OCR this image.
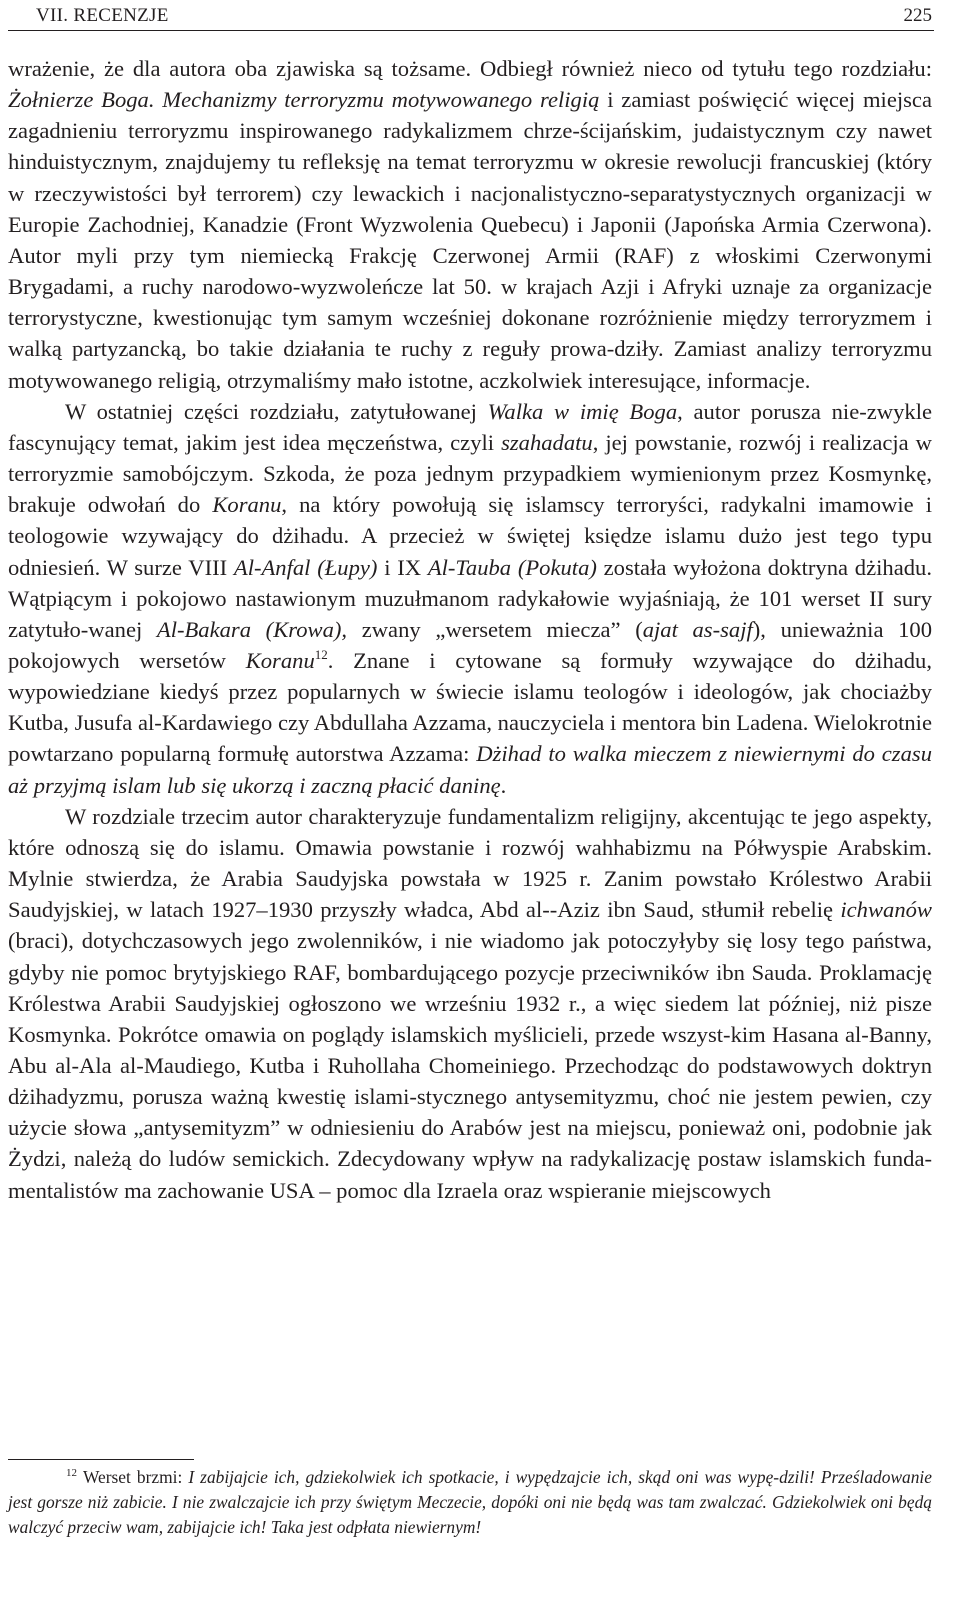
VII. RECENZJE	225

wrażenie, że dla autora oba zjawiska są tożsame. Odbiegł również nieco od tytułu tego rozdziału: Żołnierze Boga. Mechanizmy terroryzmu motywowanego religią i zamiast poświęcić więcej miejsca zagadnieniu terroryzmu inspirowanego radykalizmem chrze-ścijańskim, judaistycznym czy nawet hinduistycznym, znajdujemy tu refleksję na temat terroryzmu w okresie rewolucji francuskiej (który w rzeczywistości był terrorem) czy lewackich i nacjonalistyczno-separatystycznych organizacji w Europie Zachodniej, Kanadzie (Front Wyzwolenia Quebecu) i Japonii (Japońska Armia Czerwona). Autor myli przy tym niemiecką Frakcję Czerwonej Armii (RAF) z włoskimi Czerwonymi Brygadami, a ruchy narodowo-wyzwoleńcze lat 50. w krajach Azji i Afryki uznaje za organizacje terrorystyczne, kwestionując tym samym wcześniej dokonane rozróżnienie między terroryzmem i walką partyzancką, bo takie działania te ruchy z reguły prowa-dziły. Zamiast analizy terroryzmu motywowanego religią, otrzymaliśmy mało istotne, aczkolwiek interesujące, informacje.

W ostatniej części rozdziału, zatytułowanej Walka w imię Boga, autor porusza nie-zwykle fascynujący temat, jakim jest idea męczeństwa, czyli szahadatu, jej powstanie, rozwój i realizacja w terroryzmie samobójczym. Szkoda, że poza jednym przypadkiem wymienionym przez Kosmynkę, brakuje odwołań do Koranu, na który powołują się islamscy terroryści, radykalni imamowie i teologowie wzywający do dżihadu. A przecież w świętej księdze islamu dużo jest tego typu odniesień. W surze VIII Al-Anfal (Łupy) i IX Al-Tauba (Pokuta) została wyłożona doktryna dżihadu. Wątpiącym i pokojowo nastawionym muzułmanom radykałowie wyjaśniają, że 101 werset II sury zatytuło-wanej Al-Bakara (Krowa), zwany „wersetem miecza” (ajat as-sajf), unieważnia 100 pokojowych wersetów Koranu$^{12}$. Znane i cytowane są formuły wzywające do dżihadu, wypowiedziane kiedyś przez popularnych w świecie islamu teologów i ideologów, jak chociażby Kutba, Jusufa al-Kardawiego czy Abdullaha Azzama, nauczyciela i mentora bin Ladena. Wielokrotnie powtarzano popularną formułę autorstwa Azzama: Dżihad to walka mieczem z niewiernymi do czasu aż przyjmą islam lub się ukorzą i zaczną płacić daninę.

W rozdziale trzecim autor charakteryzuje fundamentalizm religijny, akcentując te jego aspekty, które odnoszą się do islamu. Omawia powstanie i rozwój wahhabizmu na Półwyspie Arabskim. Mylnie stwierdza, że Arabia Saudyjska powstała w 1925 r. Zanim powstało Królestwo Arabii Saudyjskiej, w latach 1927–1930 przyszły władca, Abd al--Aziz ibn Saud, stłumił rebelię ichwanów (braci), dotychczasowych jego zwolenników, i nie wiadomo jak potoczyłyby się losy tego państwa, gdyby nie pomoc brytyjskiego RAF, bombardującego pozycje przeciwników ibn Sauda. Proklamację Królestwa Arabii Saudyjskiej ogłoszono we wrześniu 1932 r., a więc siedem lat później, niż pisze Kosmynka. Pokrótce omawia on poglądy islamskich myślicieli, przede wszyst-kim Hasana al-Banny, Abu al-Ala al-Maudiego, Kutba i Ruhollaha Chomeiniego. Przechodząc do podstawowych doktryn dżihadyzmu, porusza ważną kwestię islami-stycznego antysemityzmu, choć nie jestem pewien, czy użycie słowa „antysemityzm” w odniesieniu do Arabów jest na miejscu, ponieważ oni, podobnie jak Żydzi, należą do ludów semickich. Zdecydowany wpływ na radykalizację postaw islamskich funda-mentalistów ma zachowanie USA – pomoc dla Izraela oraz wspieranie miejscowych

$^{12}$ Werset brzmi: I zabijajcie ich, gdziekolwiek ich spotkacie, i wypędzajcie ich, skąd oni was wypę-dzili! Prześladowanie jest gorsze niż zabicie. I nie zwalczajcie ich przy świętym Meczecie, dopóki oni nie będą was tam zwalczać. Gdziekolwiek oni będą walczyć przeciw wam, zabijajcie ich! Taka jest odpłata niewiernym!
